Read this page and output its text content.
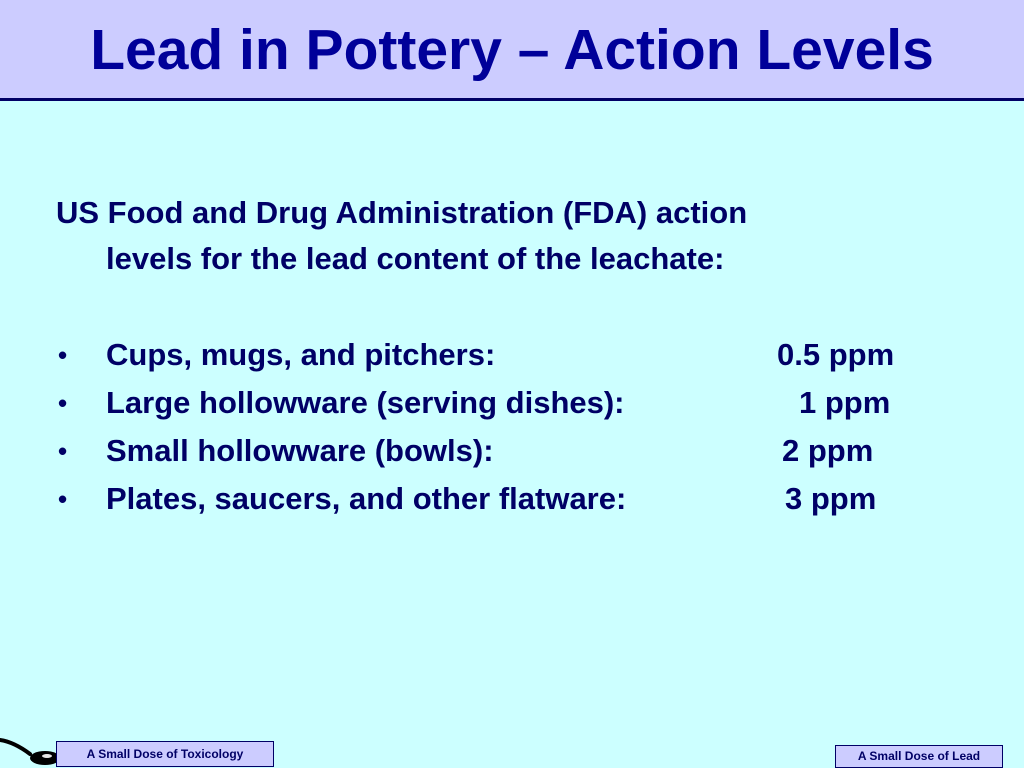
Lead in Pottery – Action Levels
US Food and Drug Administration (FDA) action
levels for the lead content of the leachate:
• Cups, mugs, and pitchers:	0.5 ppm
• Large hollowware (serving dishes):	1 ppm
• Small hollowware (bowls):	2 ppm
• Plates, saucers, and other flatware:	3 ppm
A Small Dose of Toxicology	A Small Dose of Lead
